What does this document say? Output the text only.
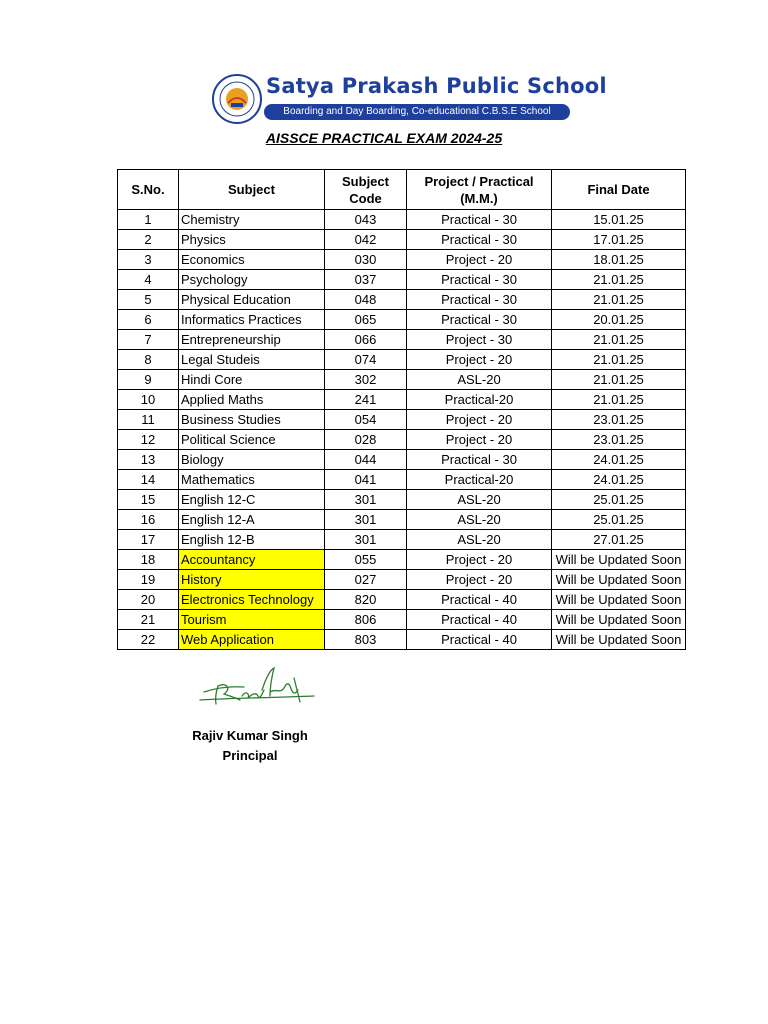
Satya Prakash Public School
Boarding and Day Boarding, Co-educational C.B.S.E School
AISSCE PRACTICAL EXAM 2024-25
S.No.	Subject	Subject Code	Project / Practical (M.M.)	Final Date
1	Chemistry	043	Practical - 30	15.01.25
2	Physics	042	Practical - 30	17.01.25
3	Economics	030	Project - 20	18.01.25
4	Psychology	037	Practical - 30	21.01.25
5	Physical Education	048	Practical - 30	21.01.25
6	Informatics Practices	065	Practical - 30	20.01.25
7	Entrepreneurship	066	Project - 30	21.01.25
8	Legal Studeis	074	Project - 20	21.01.25
9	Hindi Core	302	ASL-20	21.01.25
10	Applied Maths	241	Practical-20	21.01.25
11	Business Studies	054	Project - 20	23.01.25
12	Political Science	028	Project - 20	23.01.25
13	Biology	044	Practical - 30	24.01.25
14	Mathematics	041	Practical-20	24.01.25
15	English 12-C	301	ASL-20	25.01.25
16	English 12-A	301	ASL-20	25.01.25
17	English 12-B	301	ASL-20	27.01.25
18	Accountancy	055	Project - 20	Will be Updated Soon
19	History	027	Project - 20	Will be Updated Soon
20	Electronics Technology	820	Practical - 40	Will be Updated Soon
21	Tourism	806	Practical - 40	Will be Updated Soon
22	Web Application	803	Practical - 40	Will be Updated Soon
Rajiv Kumar Singh
Principal
